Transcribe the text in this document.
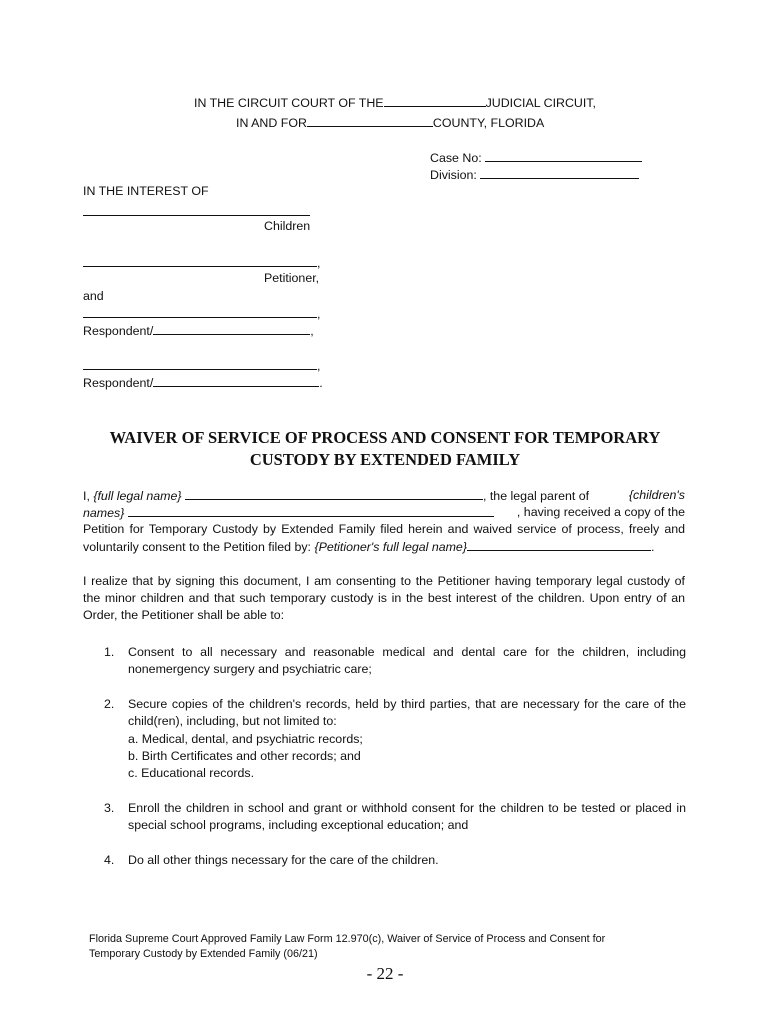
IN THE CIRCUIT COURT OF THE	JUDICIAL CIRCUIT,
IN AND FOR	COUNTY, FLORIDA
Case No:
Division:
IN THE INTEREST OF
Children
,
Petitioner,
and
,
Respondent/	,
,
Respondent/	.
WAIVER OF SERVICE OF PROCESS AND CONSENT FOR TEMPORARY
CUSTODY BY EXTENDED FAMILY
I, {full legal name}	, the legal parent of	{children's
names}	, having received a copy of the
Petition for Temporary Custody by Extended Family filed herein and waived service of process, freely and
voluntarily consent to the Petition filed by: {Petitioner's full legal name}	.
I realize that by signing this document, I am consenting to the Petitioner having temporary legal custody of
the minor children and that such temporary custody is in the best interest of the children. Upon entry of an
Order, the Petitioner shall be able to:
1.	Consent to all necessary and reasonable medical and dental care for the children, including
nonemergency surgery and psychiatric care;
2.	Secure copies of the children's records, held by third parties, that are necessary for the care of the
child(ren), including, but not limited to:
a. Medical, dental, and psychiatric records;
b. Birth Certificates and other records; and
c. Educational records.
3.	Enroll the children in school and grant or withhold consent for the children to be tested or placed in
special school programs, including exceptional education; and
4.	Do all other things necessary for the care of the children.
Florida Supreme Court Approved Family Law Form 12.970(c), Waiver of Service of Process and Consent for
Temporary Custody by Extended Family (06/21)
- 22 -
